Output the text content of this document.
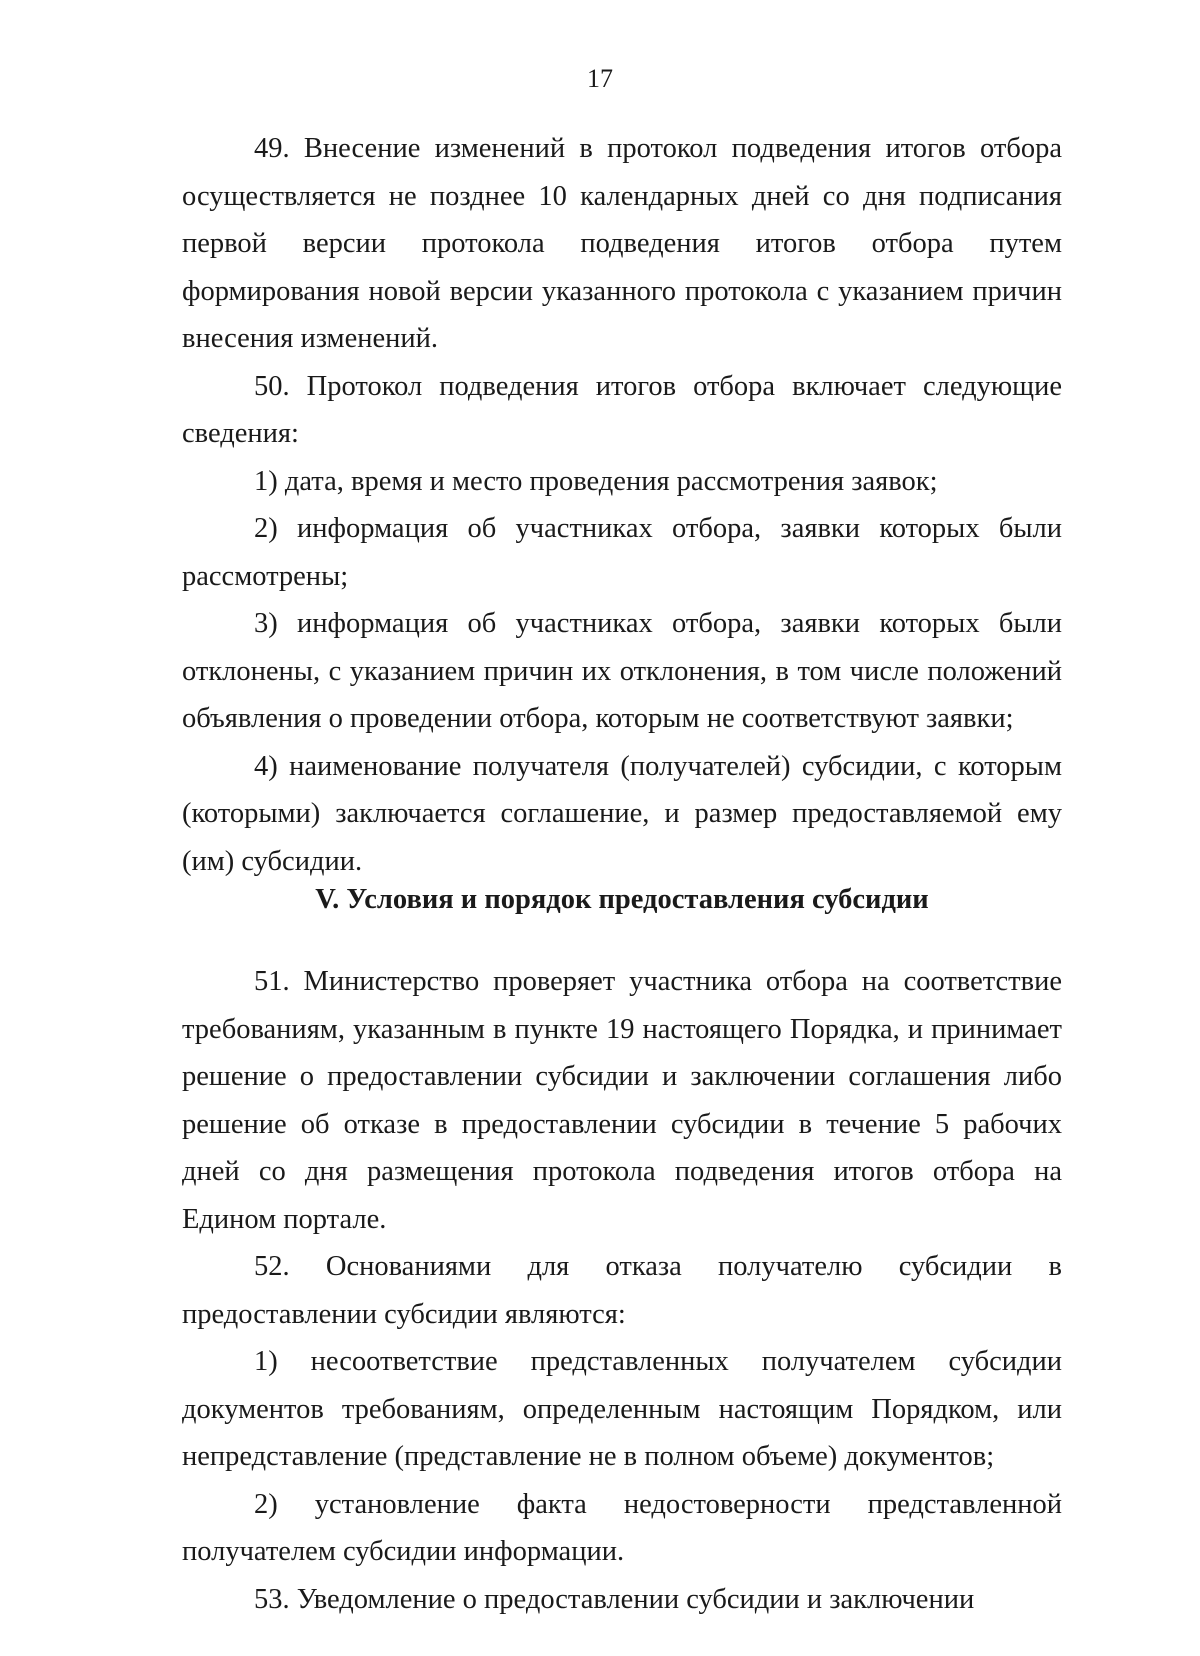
17

49. Внесение изменений в протокол подведения итогов отбора осуществляется не позднее 10 календарных дней со дня подписания первой версии протокола подведения итогов отбора путем формирования новой версии указанного протокола с указанием причин внесения изменений.

50. Протокол подведения итогов отбора включает следующие сведения:

1) дата, время и место проведения рассмотрения заявок;

2) информация об участниках отбора, заявки которых были рассмотрены;

3) информация об участниках отбора, заявки которых были отклонены, с указанием причин их отклонения, в том числе положений объявления о проведении отбора, которым не соответствуют заявки;

4) наименование получателя (получателей) субсидии, с которым (которыми) заключается соглашение, и размер предоставляемой ему (им) субсидии.

V. Условия и порядок предоставления субсидии

51. Министерство проверяет участника отбора на соответствие требованиям, указанным в пункте 19 настоящего Порядка, и принимает решение о предоставлении субсидии и заключении соглашения либо решение об отказе в предоставлении субсидии в течение 5 рабочих дней со дня размещения протокола подведения итогов отбора на Едином портале.

52. Основаниями для отказа получателю субсидии в предоставлении субсидии являются:

1) несоответствие представленных получателем субсидии документов требованиям, определенным настоящим Порядком, или непредставление (представление не в полном объеме) документов;

2) установление факта недостоверности представленной получателем субсидии информации.

53. Уведомление о предоставлении субсидии и заключении
